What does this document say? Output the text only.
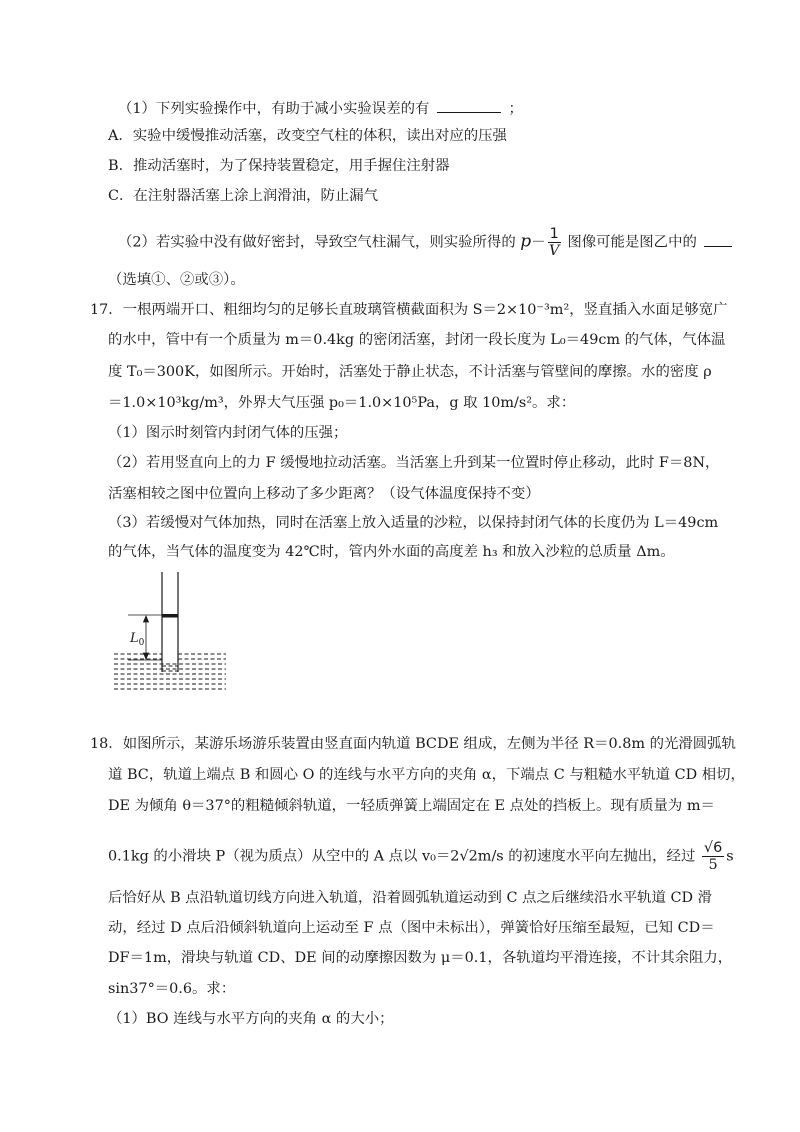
（1）下列实验操作中，有助于减小实验误差的有	；
A．实验中缓慢推动活塞，改变空气柱的体积，读出对应的压强
B．推动活塞时，为了保持装置稳定，用手握住注射器
C．在注射器活塞上涂上润滑油，防止漏气
（2）若实验中没有做好密封，导致空气柱漏气，则实验所得的 $p- \frac{1}{V}$ 图像可能是图乙中的
（选填①、②或③）。
17．一根两端开口、粗细均匀的足够长直玻璃管横截面积为 S＝2×10⁻³m²，竖直插入水面足够宽广
的水中，管中有一个质量为 m＝0.4kg 的密闭活塞，封闭一段长度为 L₀＝49cm 的气体，气体温
度 T₀＝300K，如图所示。开始时，活塞处于静止状态，不计活塞与管壁间的摩擦。水的密度 ρ
＝1.0×10³kg/m³，外界大气压强 p₀＝1.0×10⁵Pa，g 取 10m/s²。求：
（1）图示时刻管内封闭气体的压强；
（2）若用竖直向上的力 F 缓慢地拉动活塞。当活塞上升到某一位置时停止移动，此时 F＝8N，
活塞相较之图中位置向上移动了多少距离？（设气体温度保持不变）
（3）若缓慢对气体加热，同时在活塞上放入适量的沙粒，以保持封闭气体的长度仍为 L＝49cm
的气体，当气体的温度变为 42℃时，管内外水面的高度差 h₃ 和放入沙粒的总质量 Δm。
$L_0$
18．如图所示，某游乐场游乐装置由竖直面内轨道 BCDE 组成，左侧为半径 R＝0.8m 的光滑圆弧轨
道 BC，轨道上端点 B 和圆心 O 的连线与水平方向的夹角 α，下端点 C 与粗糙水平轨道 CD 相切，
DE 为倾角 θ＝37°的粗糙倾斜轨道，一轻质弹簧上端固定在 E 点处的挡板上。现有质量为 m＝
0.1kg 的小滑块 P（视为质点）从空中的 A 点以 v₀＝2√2m/s 的初速度水平向左抛出，经过 $\frac{√6}{5}$ s
后恰好从 B 点沿轨道切线方向进入轨道，沿着圆弧轨道运动到 C 点之后继续沿水平轨道 CD 滑
动，经过 D 点后沿倾斜轨道向上运动至 F 点（图中未标出），弹簧恰好压缩至最短，已知 CD＝
DF＝1m，滑块与轨道 CD、DE 间的动摩擦因数为 μ＝0.1，各轨道均平滑连接，不计其余阻力，
sin37°＝0.6。求：
（1）BO 连线与水平方向的夹角 α 的大小；
